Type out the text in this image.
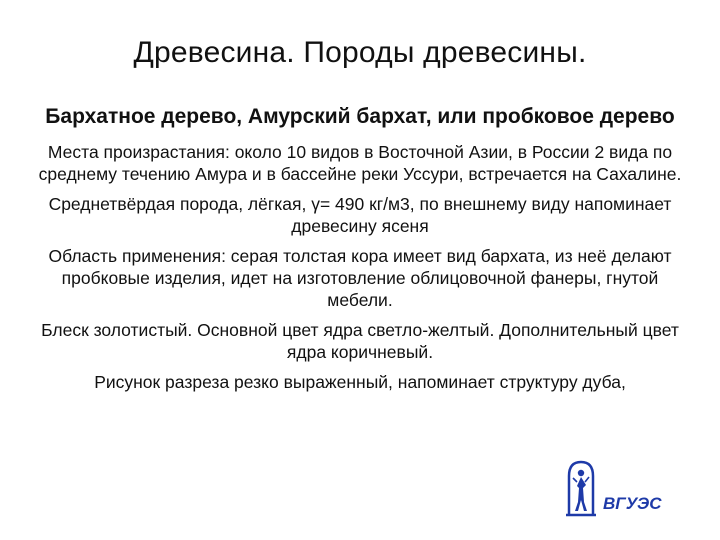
Древесина. Породы древесины.
Бархатное дерево, Амурский бархат, или пробковое дерево

Места произрастания: около 10 видов в Восточной Азии, в России 2 вида по среднему течению Амура и в бассейне реки Уссури, встречается на Сахалине.

Среднетвёрдая порода, лёгкая, γ= 490 кг/м3, по внешнему виду напоминает древесину ясеня

Область применения: серая толстая кора имеет вид бархата, из неё делают пробковые изделия, идет на изготовление облицовочной фанеры, гнутой мебели.

Блеск золотистый. Основной цвет ядра светло-желтый. Дополнительный цвет ядра коричневый.

Рисунок разреза резко выраженный, напоминает структуру дуба,

ВГУЭС
